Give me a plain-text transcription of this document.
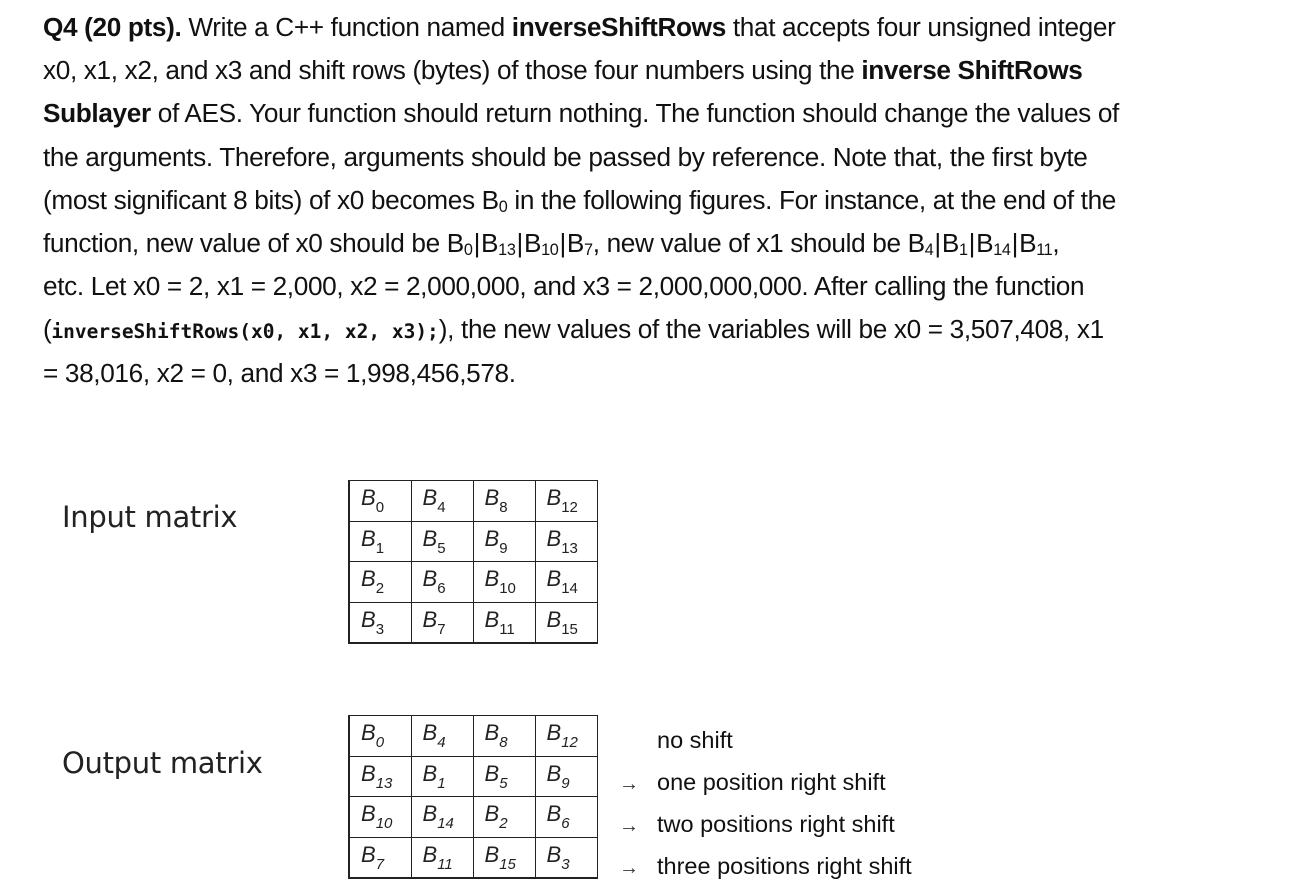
Q4 (20 pts). Write a C++ function named inverseShiftRows that accepts four unsigned integer
x0, x1, x2, and x3 and shift rows (bytes) of those four numbers using the inverse ShiftRows
Sublayer of AES. Your function should return nothing. The function should change the values of
the arguments. Therefore, arguments should be passed by reference. Note that, the first byte
(most significant 8 bits) of x0 becomes B0 in the following figures. For instance, at the end of the
function, new value of x0 should be B0|B13|B10|B7, new value of x1 should be B4|B1|B14|B11,
etc. Let x0 = 2, x1 = 2,000, x2 = 2,000,000, and x3 = 2,000,000,000. After calling the function
(inverseShiftRows(x0, x1, x2, x3);), the new values of the variables will be x0 = 3,507,408, x1
= 38,016, x2 = 0, and x3 = 1,998,456,578.
Input matrix
$B_0$	$B_4$	$B_8$	$B_{12}$
$B_1$	$B_5$	$B_9$	$B_{13}$
$B_2$	$B_6$	$B_{10}$	$B_{14}$
$B_3$	$B_7$	$B_{11}$	$B_{15}$
Output matrix
$B_0$	$B_4$	$B_8$	$B_{12}$
$B_{13}$	$B_1$	$B_5$	$B_9$
$B_{10}$	$B_{14}$	$B_2$	$B_6$
$B_7$	$B_{11}$	$B_{15}$	$B_3$
no shift
→ one position right shift
→ two positions right shift
→ three positions right shift
